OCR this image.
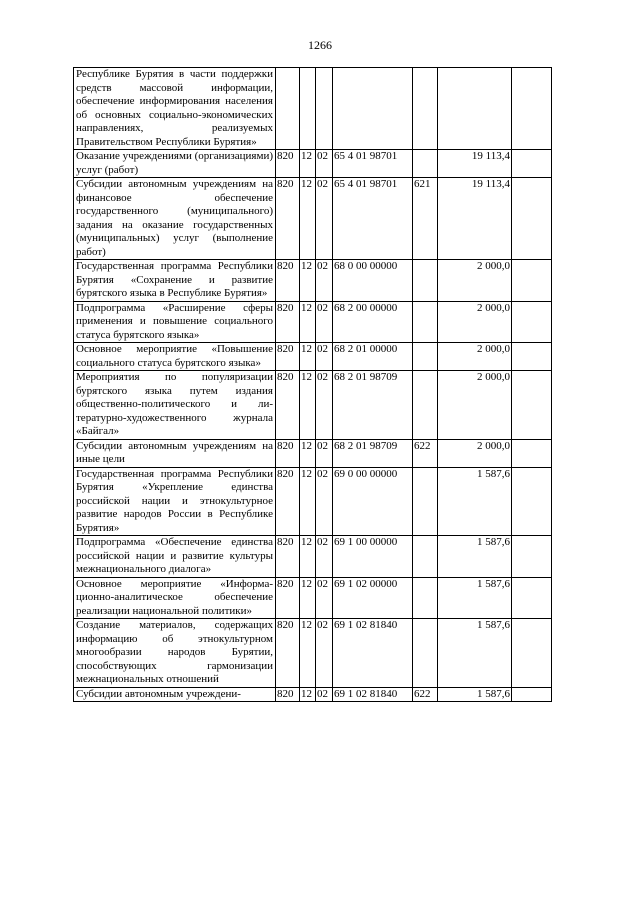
1266
Республике Бурятия в части поддержки средств массовой информации, обеспечение информирования населения об основных социально-экономических направлениях, реализуемых Правительством Республики Бурятия»							
Оказание учреждениями (организациями) услуг (работ)	820	12	02	65 4 01 98701		19 113,4	
Субсидии автономным учреждениям на финансовое обеспечение государственного (муниципального) задания на оказание государственных (муниципальных) услуг (выполнение работ)	820	12	02	65 4 01 98701	621	19 113,4	
Государственная программа Республики Бурятия «Сохранение и развитие бурятского языка в Республике Бурятия»	820	12	02	68 0 00 00000		2 000,0	
Подпрограмма «Расширение сферы применения и повышение социального статуса бурятского языка»	820	12	02	68 2 00 00000		2 000,0	
Основное мероприятие «Повышение социального статуса бурятского языка»	820	12	02	68 2 01 00000		2 000,0	
Мероприятия по популяризации бурятского языка путем издания общественно-политического и литературно-художественного журнала «Байгал»	820	12	02	68 2 01 98709		2 000,0	
Субсидии автономным учреждениям на иные цели	820	12	02	68 2 01 98709	622	2 000,0	
Государственная программа Республики Бурятия «Укрепление единства российской нации и этнокультурное развитие народов России в Республике Бурятия»	820	12	02	69 0 00 00000		1 587,6	
Подпрограмма «Обеспечение единства российской нации и развитие культуры межнационального диалога»	820	12	02	69 1 00 00000		1 587,6	
Основное мероприятие «Информационно-аналитическое обеспечение реализации национальной политики»	820	12	02	69 1 02 00000		1 587,6	
Создание материалов, содержащих информацию об этнокультурном многообразии народов Бурятии, способствующих гармонизации межнациональных отношений	820	12	02	69 1 02 81840		1 587,6	
Субсидии автономным учреждени-	820	12	02	69 1 02 81840	622	1 587,6	
